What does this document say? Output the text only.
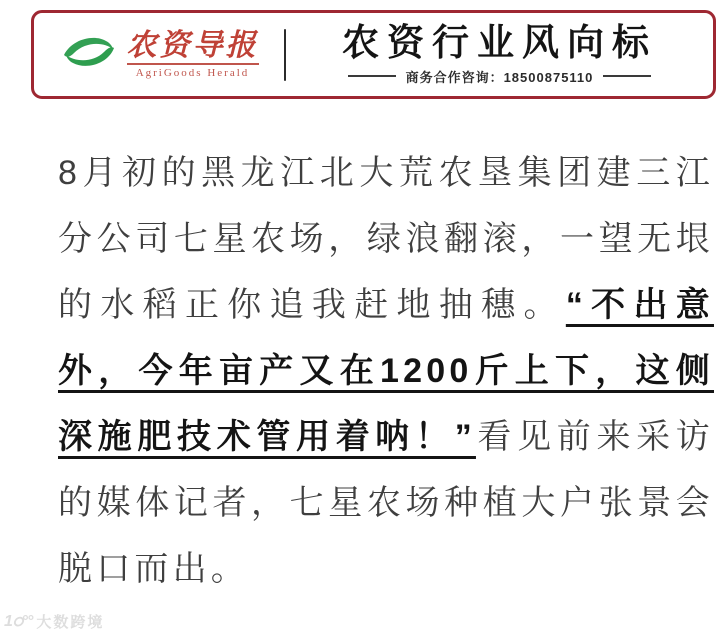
农资导报
AgriGoods Herald
农资行业风向标
商务合作咨询：18500875110

8月初的黑龙江北大荒农垦集团建三江分公司七星农场，绿浪翻滚，一望无垠的水稻正你追我赶地抽穗。“不出意外，今年亩产又在1200斤上下，这侧深施肥技术管用着呐！”看见前来采访的媒体记者，七星农场种植大户张景会脱口而出。

1ഠ°° 大数跨境
